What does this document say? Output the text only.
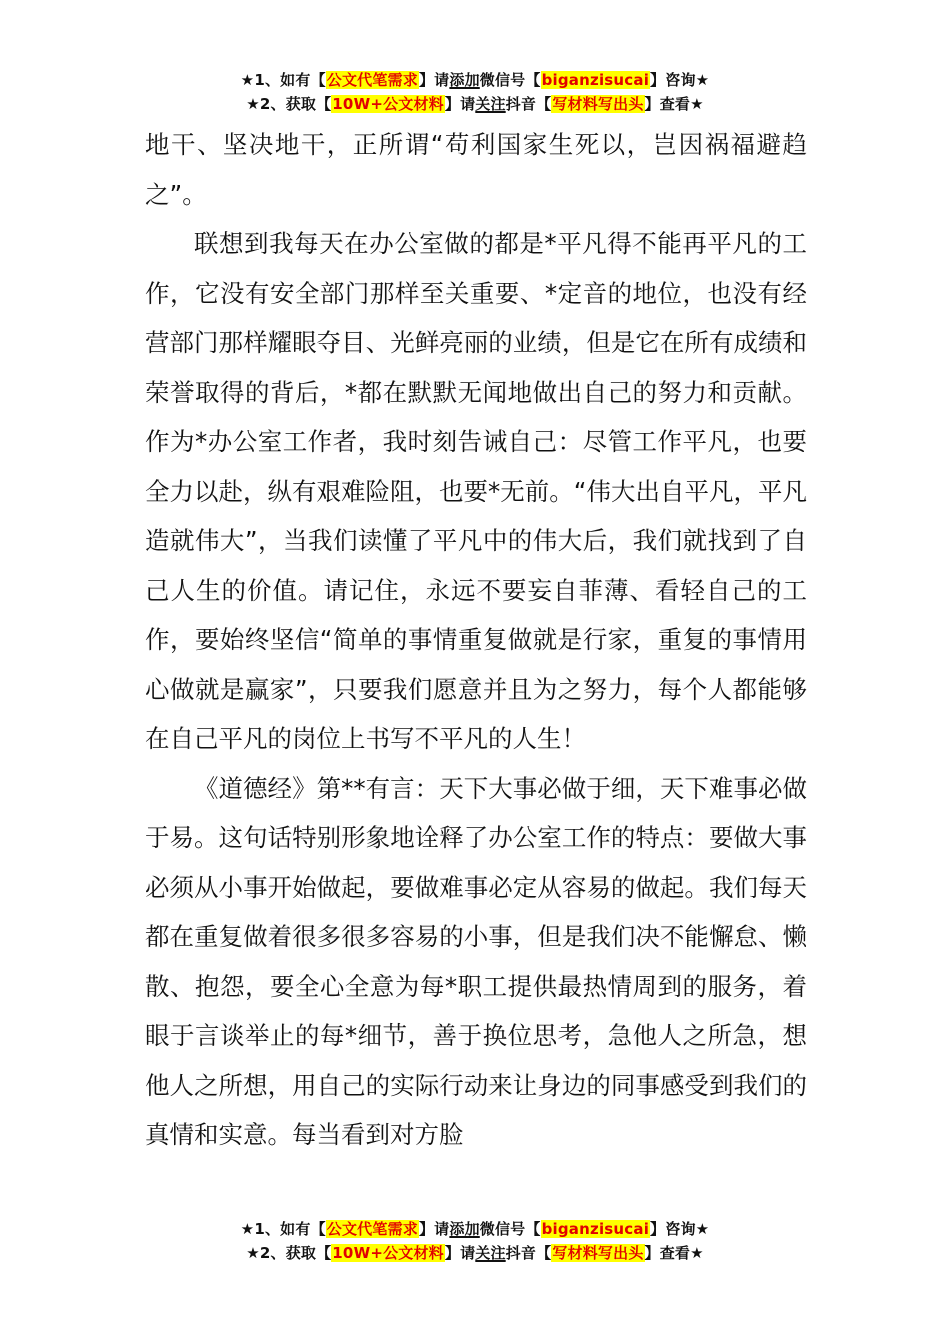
★1、如有【公文代笔需求】请添加微信号【biganzisucai】咨询★
★2、获取【10W+公文材料】请关注抖音【写材料写出头】查看★

地干、坚决地干，正所谓“苟利国家生死以，岂因祸福避趋之”。

联想到我每天在办公室做的都是*平凡得不能再平凡的工作，它没有安全部门那样至关重要、*定音的地位，也没有经营部门那样耀眼夺目、光鲜亮丽的业绩，但是它在所有成绩和荣誉取得的背后，*都在默默无闻地做出自己的努力和贡献。作为*办公室工作者，我时刻告诫自己：尽管工作平凡，也要全力以赴，纵有艰难险阻，也要*无前。“伟大出自平凡，平凡造就伟大”，当我们读懂了平凡中的伟大后，我们就找到了自己人生的价值。请记住，永远不要妄自菲薄、看轻自己的工作，要始终坚信“简单的事情重复做就是行家，重复的事情用心做就是赢家”，只要我们愿意并且为之努力，每个人都能够在自己平凡的岗位上书写不平凡的人生！

《道德经》第**有言：天下大事必做于细，天下难事必做于易。这句话特别形象地诠释了办公室工作的特点：要做大事必须从小事开始做起，要做难事必定从容易的做起。我们每天都在重复做着很多很多容易的小事，但是我们决不能懈怠、懒散、抱怨，要全心全意为每*职工提供最热情周到的服务，着眼于言谈举止的每*细节，善于换位思考，急他人之所急，想他人之所想，用自己的实际行动来让身边的同事感受到我们的真情和实意。每当看到对方脸

★1、如有【公文代笔需求】请添加微信号【biganzisucai】咨询★
★2、获取【10W+公文材料】请关注抖音【写材料写出头】查看★
